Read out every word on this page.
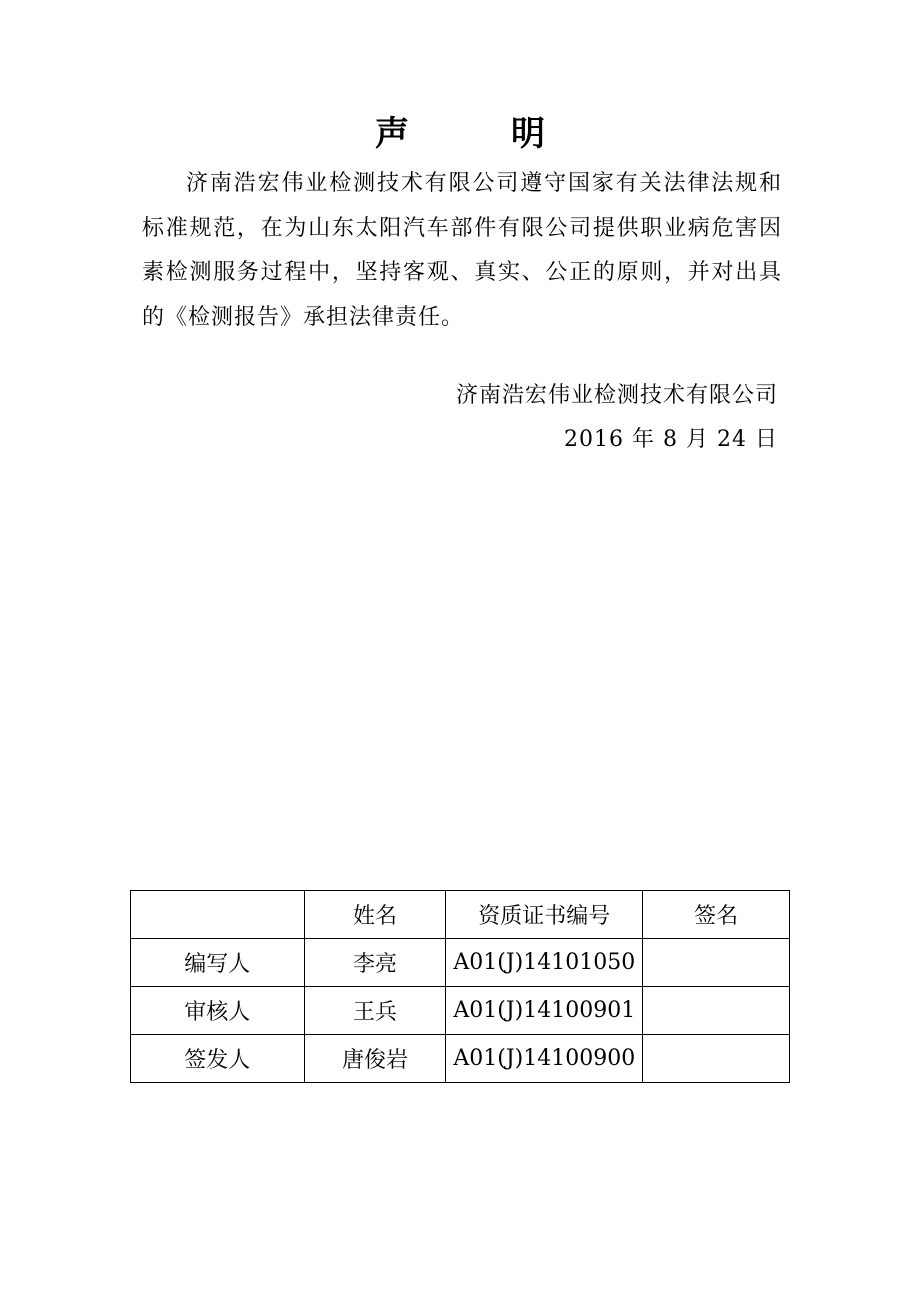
声　明
济南浩宏伟业检测技术有限公司遵守国家有关法律法规和标准规范，在为山东太阳汽车部件有限公司提供职业病危害因素检测服务过程中，坚持客观、真实、公正的原则，并对出具的《检测报告》承担法律责任。
济南浩宏伟业检测技术有限公司
2016 年 8 月 24 日
	姓名	资质证书编号	签名
编写人	李亮	A01(J)14101050	
审核人	王兵	A01(J)14100901	
签发人	唐俊岩	A01(J)14100900	
